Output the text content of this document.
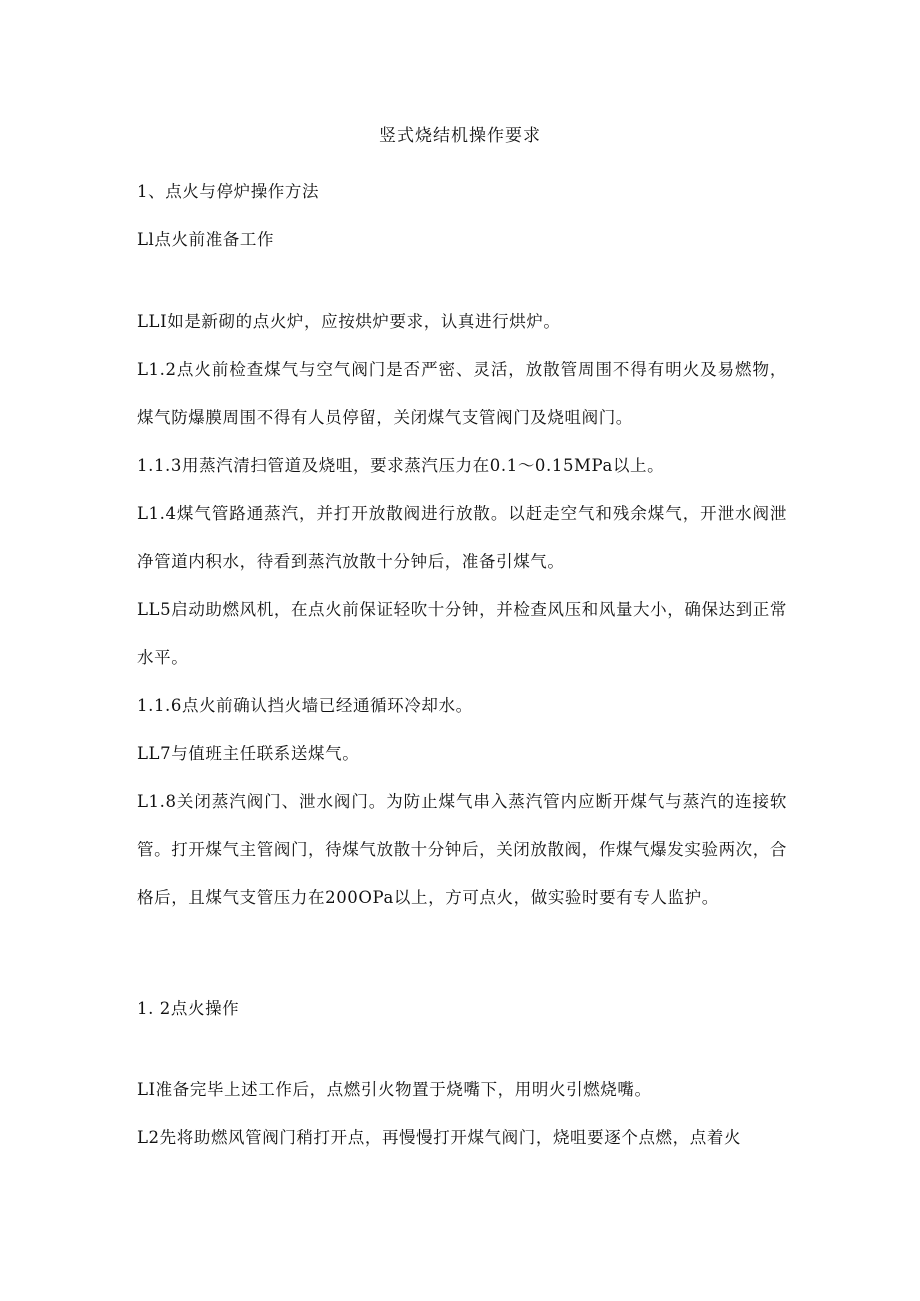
竖式烧结机操作要求

1、点火与停炉操作方法

Ll点火前准备工作

LLI如是新砌的点火炉，应按烘炉要求，认真进行烘炉。

L1.2点火前检查煤气与空气阀门是否严密、灵活，放散管周围不得有明火及易燃物，煤气防爆膜周围不得有人员停留，关闭煤气支管阀门及烧咀阀门。

1.1.3用蒸汽清扫管道及烧咀，要求蒸汽压力在0.1～0.15MPa以上。

L1.4煤气管路通蒸汽，并打开放散阀进行放散。以赶走空气和残余煤气，开泄水阀泄净管道内积水，待看到蒸汽放散十分钟后，准备引煤气。

LL5启动助燃风机，在点火前保证轻吹十分钟，并检查风压和风量大小，确保达到正常水平。

1.1.6点火前确认挡火墙已经通循环冷却水。

LL7与值班主任联系送煤气。

L1.8关闭蒸汽阀门、泄水阀门。为防止煤气串入蒸汽管内应断开煤气与蒸汽的连接软管。打开煤气主管阀门，待煤气放散十分钟后，关闭放散阀，作煤气爆发实验两次，合格后，且煤气支管压力在200OPa以上，方可点火，做实验时要有专人监护。

1. 2点火操作

LI准备完毕上述工作后，点燃引火物置于烧嘴下，用明火引燃烧嘴。

L2先将助燃风管阀门稍打开点，再慢慢打开煤气阀门，烧咀要逐个点燃，点着火
